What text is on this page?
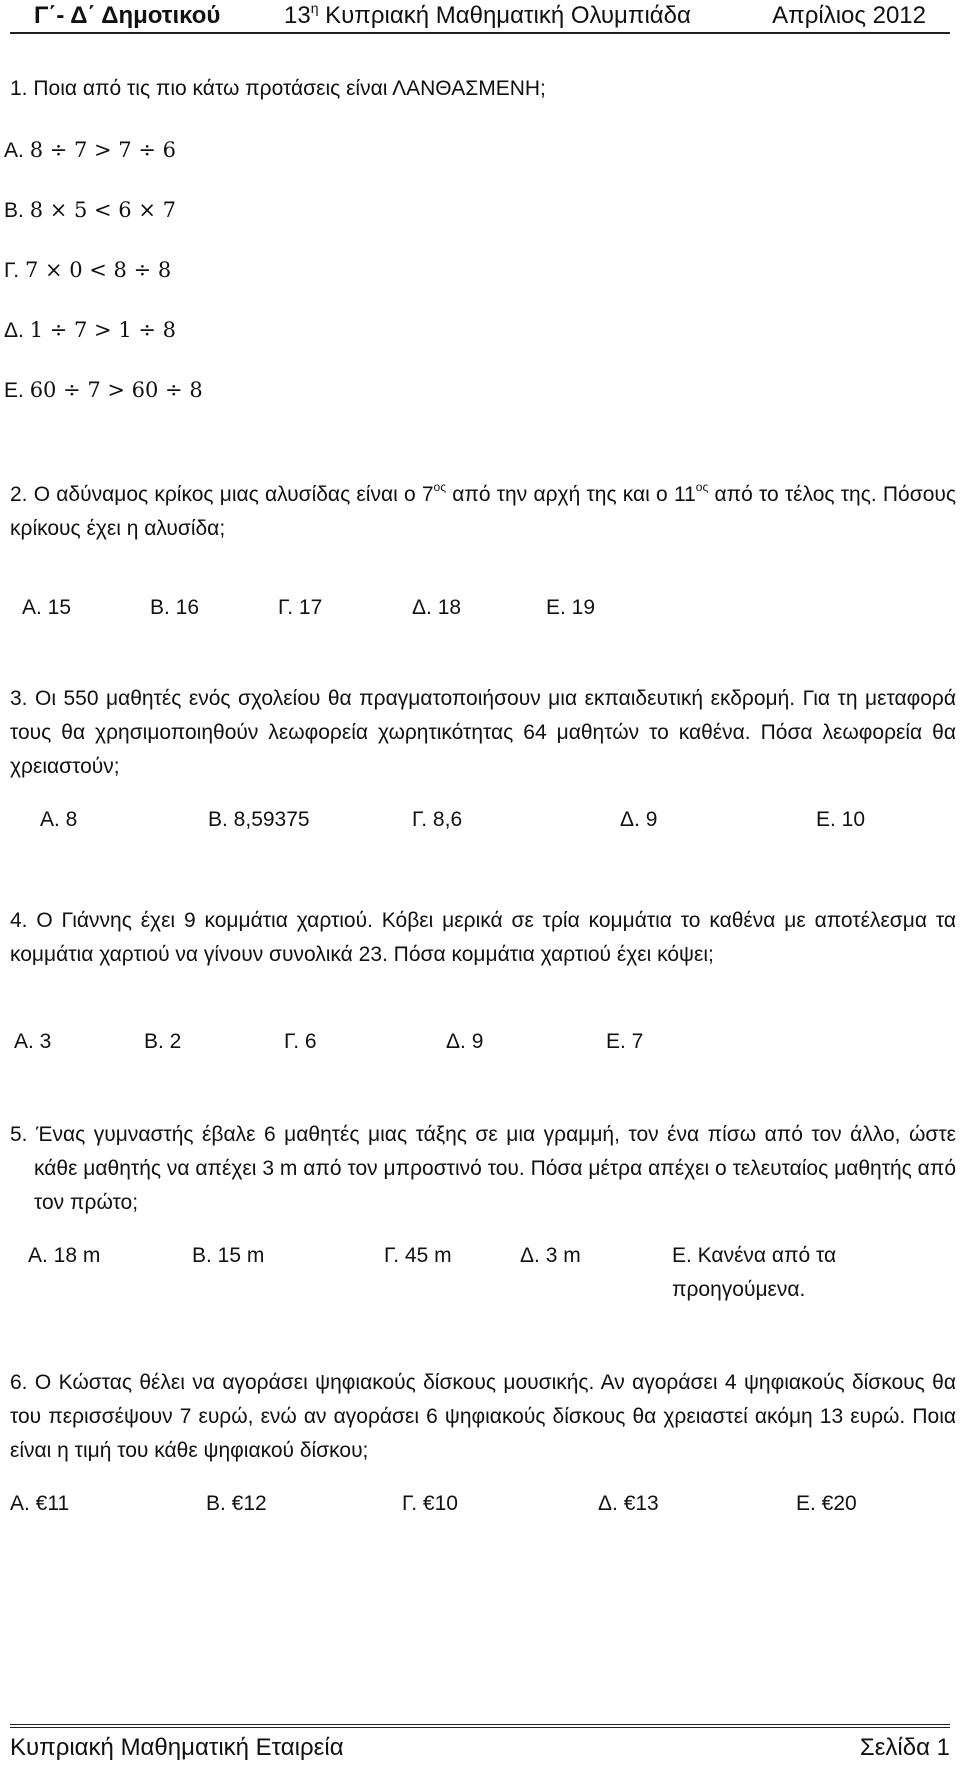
Γ΄- Δ΄ Δημοτικού	$13^\eta$ Κυπριακή Μαθηματική Ολυμπιάδα	Απρίλιος 2012
1. Ποια από τις πιο κάτω προτάσεις είναι ΛΑΝΘΑΣΜΕΝΗ;
Α. 8 ÷ 7 > 7 ÷ 6
Β. 8 × 5 < 6 × 7
Γ. 7 × 0 < 8 ÷ 8
Δ. 1 ÷ 7 > 1 ÷ 8
Ε. 60 ÷ 7 > 60 ÷ 8
2. Ο αδύναμος κρίκος μιας αλυσίδας είναι ο $7^{o\varsigma}$ από την αρχή της και ο $11^{o\varsigma}$ από το τέλος της. Πόσους κρίκους έχει η αλυσίδα;
Α. 15	Β. 16	Γ. 17	Δ. 18	Ε. 19
3. Οι 550 μαθητές ενός σχολείου θα πραγματοποιήσουν μια εκπαιδευτική εκδρομή. Για τη μεταφορά τους θα χρησιμοποιηθούν λεωφορεία χωρητικότητας 64 μαθητών το καθένα. Πόσα λεωφορεία θα χρειαστούν;
Α. 8	Β. 8,59375	Γ. 8,6	Δ. 9	Ε. 10
4. Ο Γιάννης έχει 9 κομμάτια χαρτιού. Κόβει μερικά σε τρία κομμάτια το καθένα με αποτέλεσμα τα κομμάτια χαρτιού να γίνουν συνολικά 23. Πόσα κομμάτια χαρτιού έχει κόψει;
Α. 3	Β. 2	Γ. 6	Δ. 9	Ε. 7
5. Ένας γυμναστής έβαλε 6 μαθητές μιας τάξης σε μια γραμμή, τον ένα πίσω από τον άλλο, ώστε κάθε μαθητής να απέχει 3 m από τον μπροστινό του. Πόσα μέτρα απέχει ο τελευταίος μαθητής από τον πρώτο;
Α. 18 m	Β. 15 m	Γ. 45 m	Δ. 3 m	Ε. Κανένα από τα
προηγούμενα.
6. Ο Κώστας θέλει να αγοράσει ψηφιακούς δίσκους μουσικής. Αν αγοράσει 4 ψηφιακούς δίσκους θα του περισσέψουν 7 ευρώ, ενώ αν αγοράσει 6 ψηφιακούς δίσκους θα χρειαστεί ακόμη 13 ευρώ. Ποια είναι η τιμή του κάθε ψηφιακού δίσκου;
Α. €11	Β. €12	Γ. €10	Δ. €13	Ε. €20
Κυπριακή Μαθηματική Εταιρεία	Σελίδα 1
